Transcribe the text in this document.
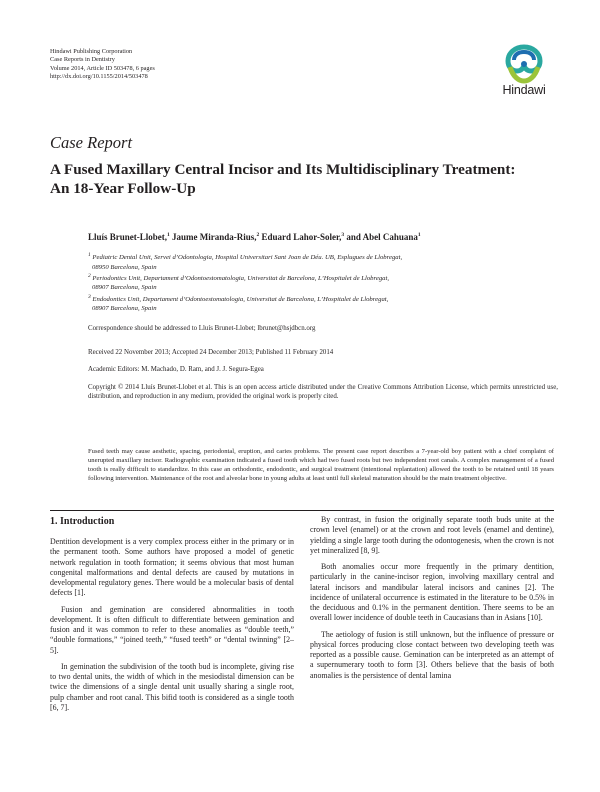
Hindawi Publishing Corporation
Case Reports in Dentistry
Volume 2014, Article ID 503478, 6 pages
http://dx.doi.org/10.1155/2014/503478
Hindawi
Case Report
A Fused Maxillary Central Incisor and Its Multidisciplinary Treatment: An 18-Year Follow-Up
Lluís Brunet-Llobet,$^1$ Jaume Miranda-Rius,$^2$ Eduard Lahor-Soler,$^3$ and Abel Cahuana$^1$
$^1$ Pediatric Dental Unit, Servei d’Odontologia, Hospital Universitari Sant Joan de Déu. UB, Esplugues de Llobregat,
08950 Barcelona, Spain
$^2$ Periodontics Unit, Departament d’Odontoestomatologia, Universitat de Barcelona, L’Hospitalet de Llobregat,
08907 Barcelona, Spain
$^3$ Endodontics Unit, Departament d’Odontoestomatologia, Universitat de Barcelona, L’Hospitalet de Llobregat,
08907 Barcelona, Spain
Correspondence should be addressed to Lluís Brunet-Llobet; lbrunet@hsjdbcn.org
Received 22 November 2013; Accepted 24 December 2013; Published 11 February 2014
Academic Editors: M. Machado, D. Ram, and J. J. Segura-Egea
Copyright © 2014 Lluís Brunet-Llobet et al. This is an open access article distributed under the Creative Commons Attribution License, which permits unrestricted use, distribution, and reproduction in any medium, provided the original work is properly cited.
Fused teeth may cause aesthetic, spacing, periodontal, eruption, and caries problems. The present case report describes a 7-year-old boy patient with a chief complaint of unerupted maxillary incisor. Radiographic examination indicated a fused tooth which had two fused roots but two independent root canals. A complex management of a fused tooth is really difficult to standardize. In this case an orthodontic, endodontic, and surgical treatment (intentional replantation) allowed the tooth to be retained until 18 years following intervention. Maintenance of the root and alveolar bone in young adults at least until full skeletal maturation should be the main treatment objective.
1. Introduction

Dentition development is a very complex process either in the primary or in the permanent tooth. Some authors have proposed a model of genetic network regulation in tooth formation; it seems obvious that most human congenital malformations and dental defects are caused by mutations in developmental regulatory genes. There would be a molecular basis of dental defects [1].

Fusion and gemination are considered abnormalities in tooth development. It is often difficult to differentiate between gemination and fusion and it was common to refer to these anomalies as “double teeth,” “double formations,” “joined teeth,” “fused teeth” or “dental twinning” [2–5].

In gemination the subdivision of the tooth bud is incomplete, giving rise to two dental units, the width of which in the mesiodistal dimension can be twice the dimensions of a single dental unit usually sharing a single root, pulp chamber and root canal. This bifid tooth is considered as a single tooth [6, 7].

By contrast, in fusion the originally separate tooth buds unite at the crown level (enamel) or at the crown and root levels (enamel and dentine), yielding a single large tooth during the odontogenesis, when the crown is not yet mineralized [8, 9].

Both anomalies occur more frequently in the primary dentition, particularly in the canine-incisor region, involving maxillary central and lateral incisors and mandibular lateral incisors and canines [2]. The incidence of unilateral occurrence is estimated in the literature to be 0.5% in the deciduous and 0.1% in the permanent dentition. There seems to be an overall lower incidence of double teeth in Caucasians than in Asians [10].

The aetiology of fusion is still unknown, but the influence of pressure or physical forces producing close contact between two developing teeth was reported as a possible cause. Gemination can be interpreted as an attempt of a supernumerary tooth to form [3]. Others believe that the basis of both anomalies is the persistence of dental lamina
